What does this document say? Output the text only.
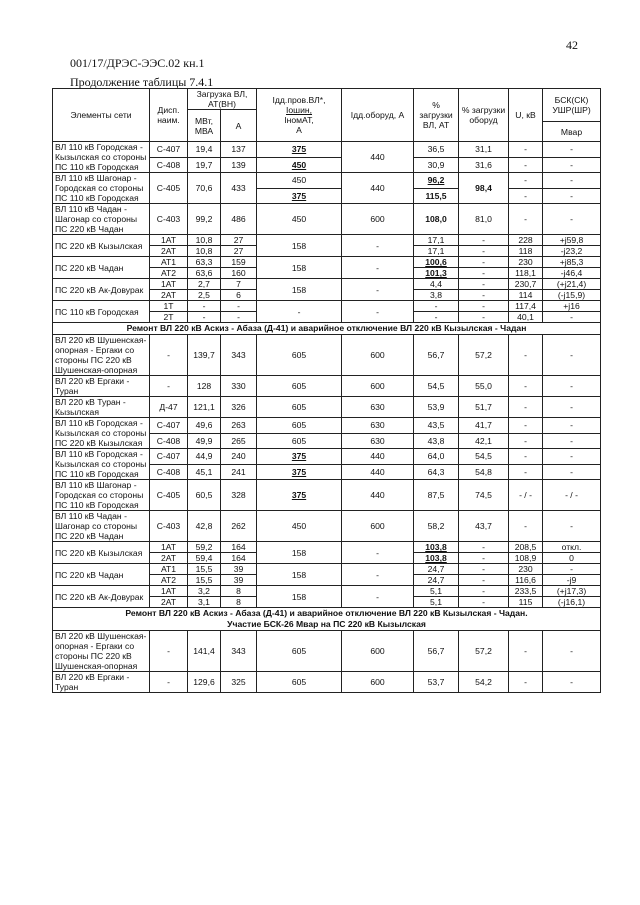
42
001/17/ДРЭС-ЭЭС.02 кн.1
Продолжение таблицы 7.4.1
Элементы сети	Дисп. наим.	Загрузка ВЛ, АТ(ВН)		Iдд.пров.ВЛ*,
Iошин,
IномАТ,
А	Iдд.оборуд, А	% загрузки ВЛ, АТ	% загрузки оборуд	U, кВ	БСК(СК) УШР(ШР)
		МВт, МВА	А						
									Мвар
ВЛ 110 кВ Городская - Кызылская со стороны ПС 110 кВ Городская	С-407	19,4	137	375	440	36,5	31,1	-	-
	С-408	19,7	139	450		30,9	31,6	-	-
ВЛ 110 кВ Шагонар - Городская со стороны ПС 110 кВ Городская	С-405	70,6	433	450	440	96,2	98,4	-	-
				375		115,5		-	-
ВЛ 110 кВ Чадан - Шагонар со стороны ПС 220 кВ Чадан	С-403	99,2	486	450	600	108,0	81,0	-	-
ПС 220 кВ Кызылская	1АТ	10,8	27	158	-	17,1	-	228	+j59,8
	2АТ	10,8	27			17,1	-	118	-j23,2
ПС 220 кВ Чадан	АТ1	63,3	159	158	-	100,6	-	230	+j85,3
	АТ2	63,6	160			101,3	-	118,1	-j46,4
ПС 220 кВ Ак-Довурак	1АТ	2,7	7	158	-	4,4	-	230,7	(+j21,4)
	2АТ	2,5	6			3,8	-	114	(-j15,9)
ПС 110 кВ Городская	1Т	-	-	-	-	-	-	117,4	+j16
	2Т	-	-			-	-	40,1	-

Ремонт ВЛ 220 кВ Аскиз - Абаза (Д-41) и аварийное отключение ВЛ 220 кВ Кызылская - Чадан									

ВЛ 220 кВ Шушенская-опорная - Ергаки со стороны ПС 220 кВ Шушенская-опорная	-	139,7	343	605	600	56,7	57,2	-	-
ВЛ 220 кВ Ергаки - Туран	-	128	330	605	600	54,5	55,0	-	-
ВЛ 220 кВ Туран - Кызылская	Д-47	121,1	326	605	630	53,9	51,7	-	-
ВЛ 110 кВ Городская - Кызылская со стороны ПС 220 кВ Кызылская	С-407	49,6	263	605	630	43,5	41,7	-	-
	С-408	49,9	265	605	630	43,8	42,1	-	-
ВЛ 110 кВ Городская - Кызылская со стороны ПС 110 кВ Городская	С-407	44,9	240	375	440	64,0	54,5	-	-
	С-408	45,1	241	375	440	64,3	54,8	-	-
ВЛ 110 кВ Шагонар - Городская со стороны ПС 110 кВ Городская	С-405	60,5	328	375	440	87,5	74,5	- / -	- / -
ВЛ 110 кВ Чадан - Шагонар со стороны ПС 220 кВ Чадан	С-403	42,8	262	450	600	58,2	43,7	-	-
ПС 220 кВ Кызылская	1АТ	59,2	164	158	-	103,8	-	208,5	откл.
	2АТ	59,4	164			103,8	-	108,9	0
ПС 220 кВ Чадан	АТ1	15,5	39	158	-	24,7	-	230	-
	АТ2	15,5	39			24,7	-	116,6	-j9
ПС 220 кВ Ак-Довурак	1АТ	3,2	8	158	-	5,1	-	233,5	(+j17,3)
	2АТ	3,1	8			5,1	-	115	(-j16,1)

Ремонт ВЛ 220 кВ Аскиз - Абаза (Д-41) и аварийное отключение ВЛ 220 кВ Кызылская - Чадан.
Участие БСК-26 Мвар на ПС 220 кВ Кызылская									

ВЛ 220 кВ Шушенская-опорная - Ергаки со стороны ПС 220 кВ Шушенская-опорная	-	141,4	343	605	600	56,7	57,2	-	-
ВЛ 220 кВ Ергаки - Туран	-	129,6	325	605	600	53,7	54,2	-	-
